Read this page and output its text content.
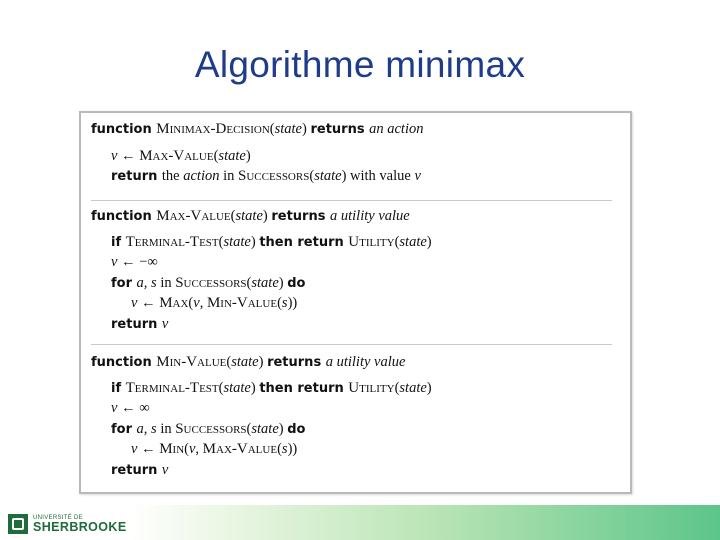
Algorithme minimax
function Minimax-Decision(state) returns an action
v ← Max-Value(state)
return the action in Successors(state) with value v
function Max-Value(state) returns a utility value
if Terminal-Test(state) then return Utility(state)
v ← −∞
for a, s in Successors(state) do
v ← Max(v, Min-Value(s))
return v
function Min-Value(state) returns a utility value
if Terminal-Test(state) then return Utility(state)
v ← ∞
for a, s in Successors(state) do
v ← Min(v, Max-Value(s))
return v
UNIVERSITÉ DE
SHERBROOKE
